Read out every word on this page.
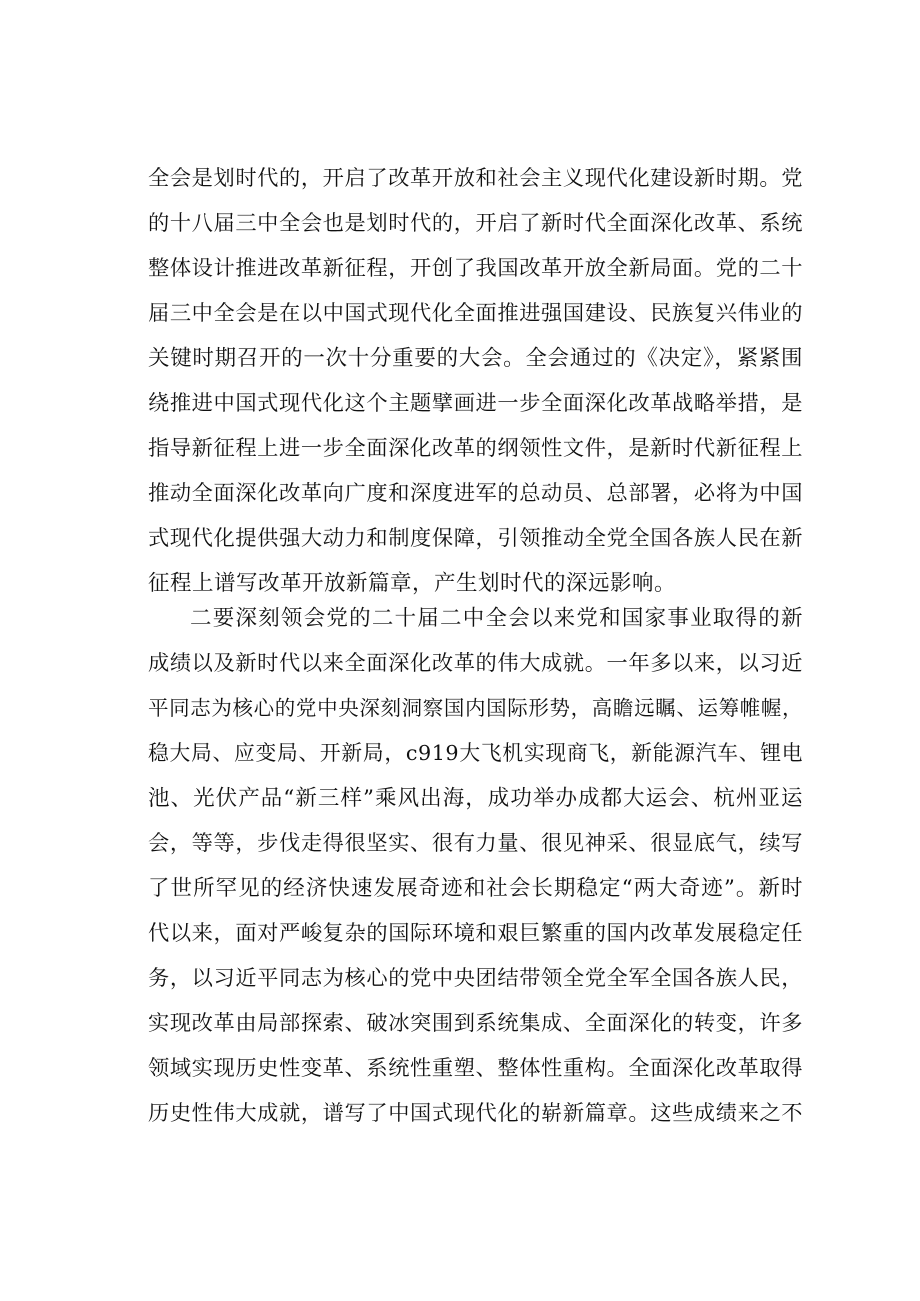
全会是划时代的，开启了改革开放和社会主义现代化建设新时期。党
的十八届三中全会也是划时代的，开启了新时代全面深化改革、系统
整体设计推进改革新征程，开创了我国改革开放全新局面。党的二十
届三中全会是在以中国式现代化全面推进强国建设、民族复兴伟业的
关键时期召开的一次十分重要的大会。全会通过的《决定》，紧紧围
绕推进中国式现代化这个主题擘画进一步全面深化改革战略举措，是
指导新征程上进一步全面深化改革的纲领性文件，是新时代新征程上
推动全面深化改革向广度和深度进军的总动员、总部署，必将为中国
式现代化提供强大动力和制度保障，引领推动全党全国各族人民在新
征程上谱写改革开放新篇章，产生划时代的深远影响。
二要深刻领会党的二十届二中全会以来党和国家事业取得的新
成绩以及新时代以来全面深化改革的伟大成就。一年多以来，以习近
平同志为核心的党中央深刻洞察国内国际形势，高瞻远瞩、运筹帷幄，
稳大局、应变局、开新局，c919大飞机实现商飞，新能源汽车、锂电
池、光伏产品“新三样”乘风出海，成功举办成都大运会、杭州亚运
会，等等，步伐走得很坚实、很有力量、很见神采、很显底气，续写
了世所罕见的经济快速发展奇迹和社会长期稳定“两大奇迹”。新时
代以来，面对严峻复杂的国际环境和艰巨繁重的国内改革发展稳定任
务，以习近平同志为核心的党中央团结带领全党全军全国各族人民，
实现改革由局部探索、破冰突围到系统集成、全面深化的转变，许多
领域实现历史性变革、系统性重塑、整体性重构。全面深化改革取得
历史性伟大成就，谱写了中国式现代化的崭新篇章。这些成绩来之不
